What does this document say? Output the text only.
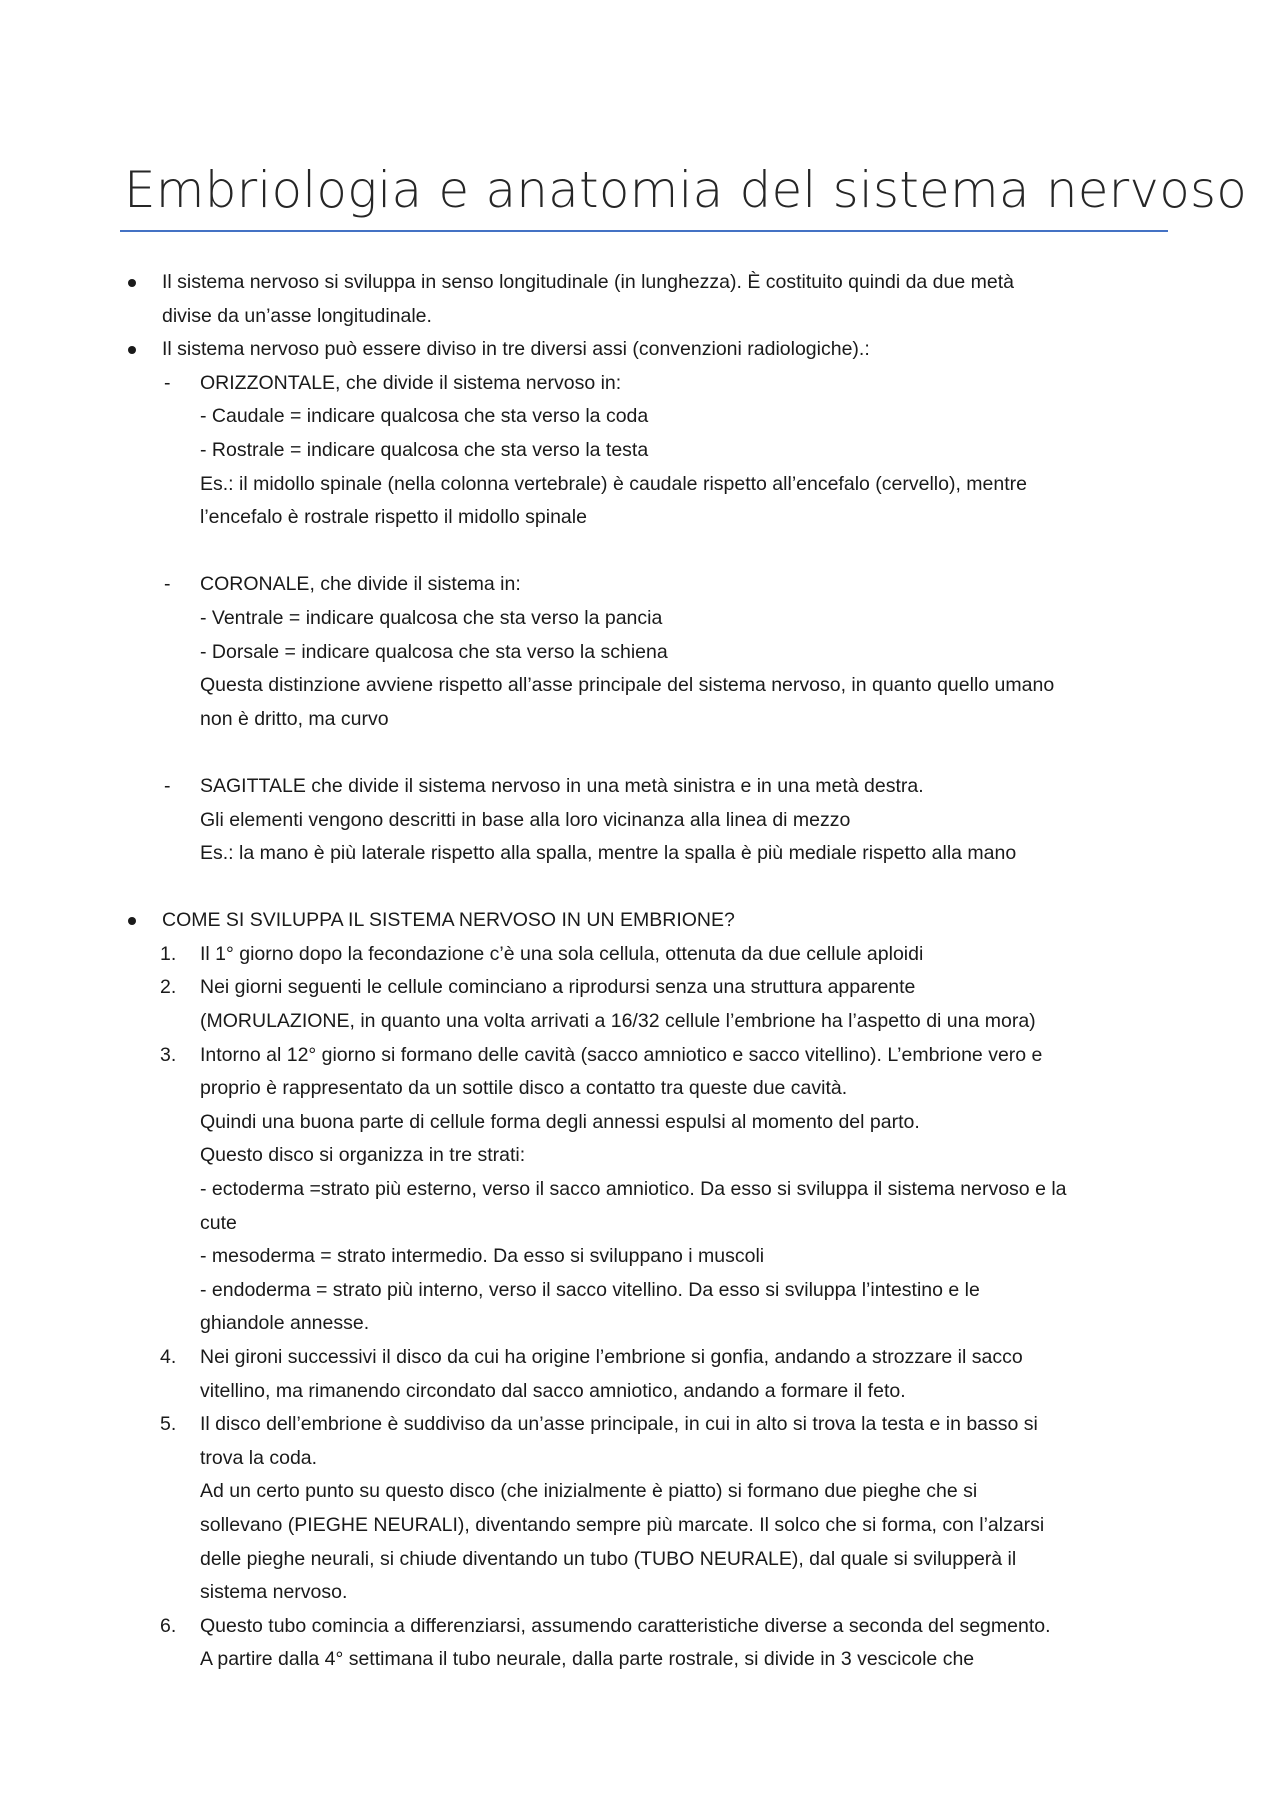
Embriologia e anatomia del sistema nervoso
Il sistema nervoso si sviluppa in senso longitudinale (in lunghezza). È costituito quindi da due metà
divise da un’asse longitudinale.
Il sistema nervoso può essere diviso in tre diversi assi (convenzioni radiologiche).:
- ORIZZONTALE, che divide il sistema nervoso in:
- Caudale = indicare qualcosa che sta verso la coda
- Rostrale = indicare qualcosa che sta verso la testa
Es.: il midollo spinale (nella colonna vertebrale) è caudale rispetto all’encefalo (cervello), mentre
l’encefalo è rostrale rispetto il midollo spinale
- CORONALE, che divide il sistema in:
- Ventrale = indicare qualcosa che sta verso la pancia
- Dorsale = indicare qualcosa che sta verso la schiena
Questa distinzione avviene rispetto all’asse principale del sistema nervoso, in quanto quello umano
non è dritto, ma curvo
- SAGITTALE che divide il sistema nervoso in una metà sinistra e in una metà destra.
Gli elementi vengono descritti in base alla loro vicinanza alla linea di mezzo
Es.: la mano è più laterale rispetto alla spalla, mentre la spalla è più mediale rispetto alla mano
COME SI SVILUPPA IL SISTEMA NERVOSO IN UN EMBRIONE?
1. Il 1° giorno dopo la fecondazione c’è una sola cellula, ottenuta da due cellule aploidi
2. Nei giorni seguenti le cellule cominciano a riprodursi senza una struttura apparente
(MORULAZIONE, in quanto una volta arrivati a 16/32 cellule l’embrione ha l’aspetto di una mora)
3. Intorno al 12° giorno si formano delle cavità (sacco amniotico e sacco vitellino). L’embrione vero e
proprio è rappresentato da un sottile disco a contatto tra queste due cavità.
Quindi una buona parte di cellule forma degli annessi espulsi al momento del parto.
Questo disco si organizza in tre strati:
- ectoderma =strato più esterno, verso il sacco amniotico. Da esso si sviluppa il sistema nervoso e la
cute
- mesoderma = strato intermedio. Da esso si sviluppano i muscoli
- endoderma = strato più interno, verso il sacco vitellino. Da esso si sviluppa l’intestino e le
ghiandole annesse.
4. Nei gironi successivi il disco da cui ha origine l’embrione si gonfia, andando a strozzare il sacco
vitellino, ma rimanendo circondato dal sacco amniotico, andando a formare il feto.
5. Il disco dell’embrione è suddiviso da un’asse principale, in cui in alto si trova la testa e in basso si
trova la coda.
Ad un certo punto su questo disco (che inizialmente è piatto) si formano due pieghe che si
sollevano (PIEGHE NEURALI), diventando sempre più marcate. Il solco che si forma, con l’alzarsi
delle pieghe neurali, si chiude diventando un tubo (TUBO NEURALE), dal quale si svilupperà il
sistema nervoso.
6. Questo tubo comincia a differenziarsi, assumendo caratteristiche diverse a seconda del segmento.
A partire dalla 4° settimana il tubo neurale, dalla parte rostrale, si divide in 3 vescicole che
